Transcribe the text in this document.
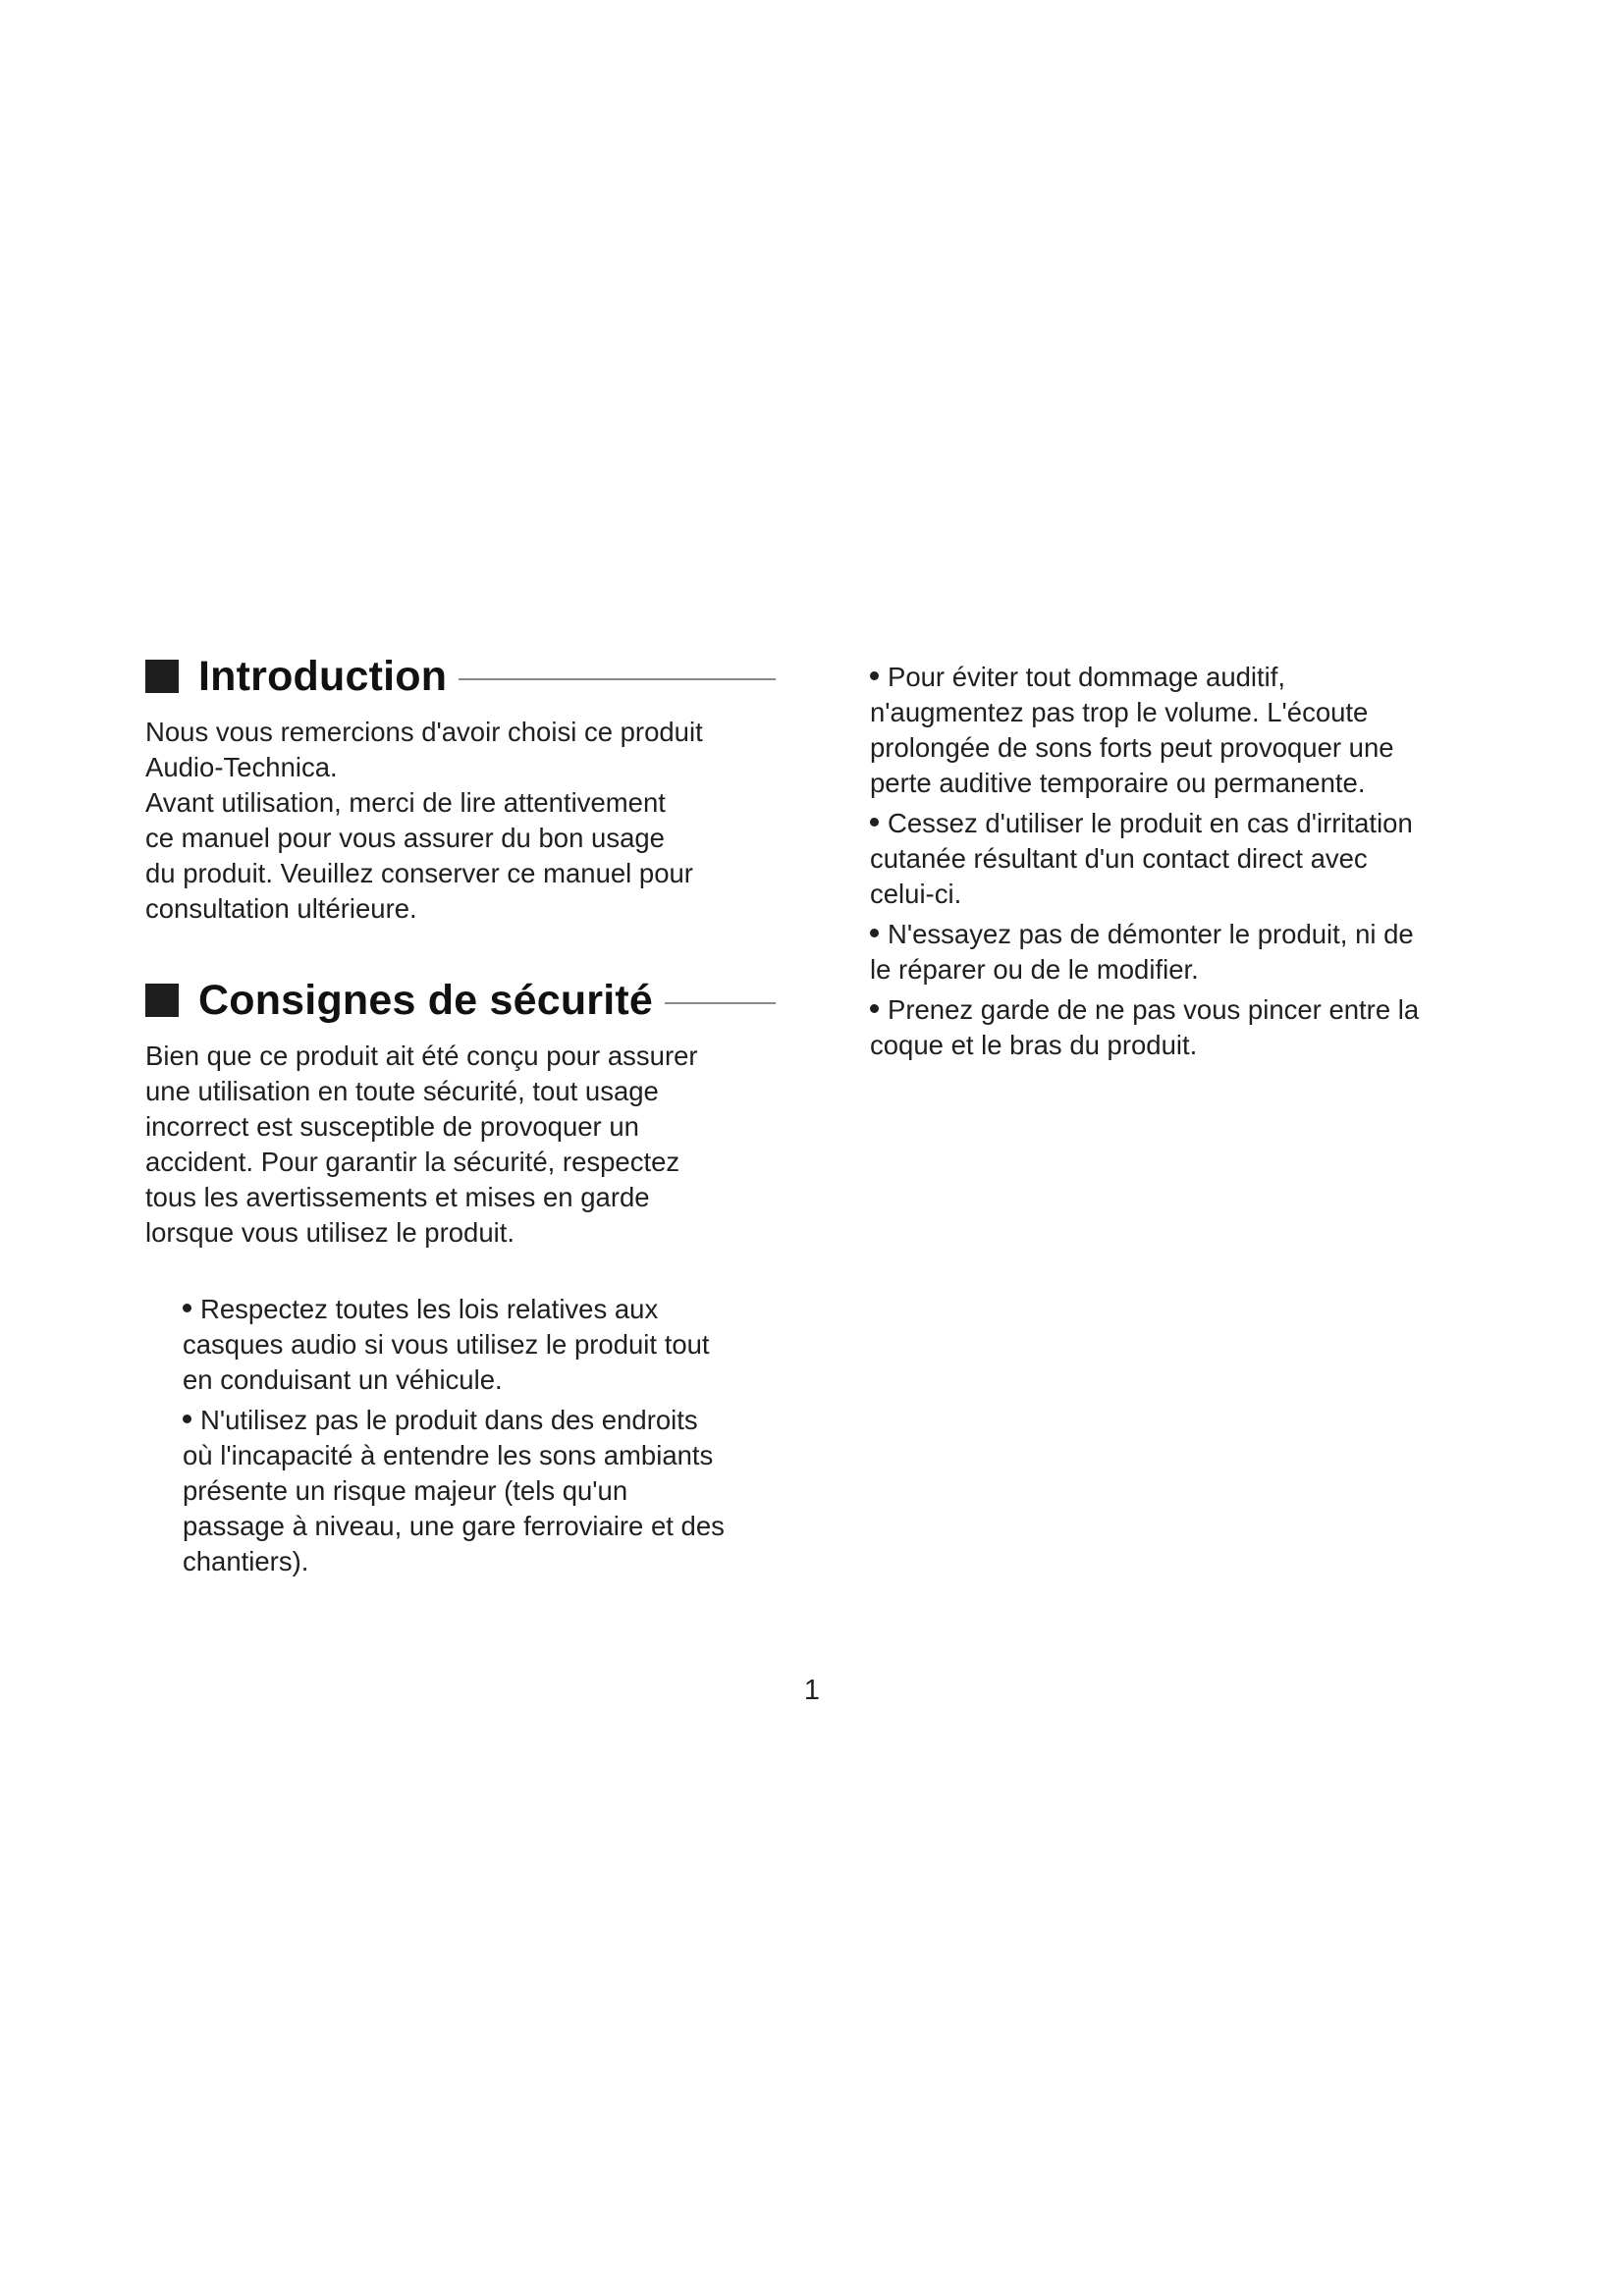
Introduction

Nous vous remercions d'avoir choisi ce produit

Audio-Technica.

Avant utilisation, merci de lire attentivement

ce manuel pour vous assurer du bon usage

du produit. Veuillez conserver ce manuel pour

consultation ultérieure.

Consignes de sécurité

Bien que ce produit ait été conçu pour assurer

une utilisation en toute sécurité, tout usage

incorrect est susceptible de provoquer un

accident. Pour garantir la sécurité, respectez

tous les avertissements et mises en garde

lorsque vous utilisez le produit.

Respectez toutes les lois relatives aux
casques audio si vous utilisez le produit tout
en conduisant un véhicule.
N'utilisez pas le produit dans des endroits
où l'incapacité à entendre les sons ambiants
présente un risque majeur (tels qu'un
passage à niveau, une gare ferroviaire et des
chantiers).
Pour éviter tout dommage auditif,
n'augmentez pas trop le volume. L'écoute
prolongée de sons forts peut provoquer une
perte auditive temporaire ou permanente.
Cessez d'utiliser le produit en cas d'irritation
cutanée résultant d'un contact direct avec
celui-ci.
N'essayez pas de démonter le produit, ni de
le réparer ou de le modifier.
Prenez garde de ne pas vous pincer entre la
coque et le bras du produit.
1
